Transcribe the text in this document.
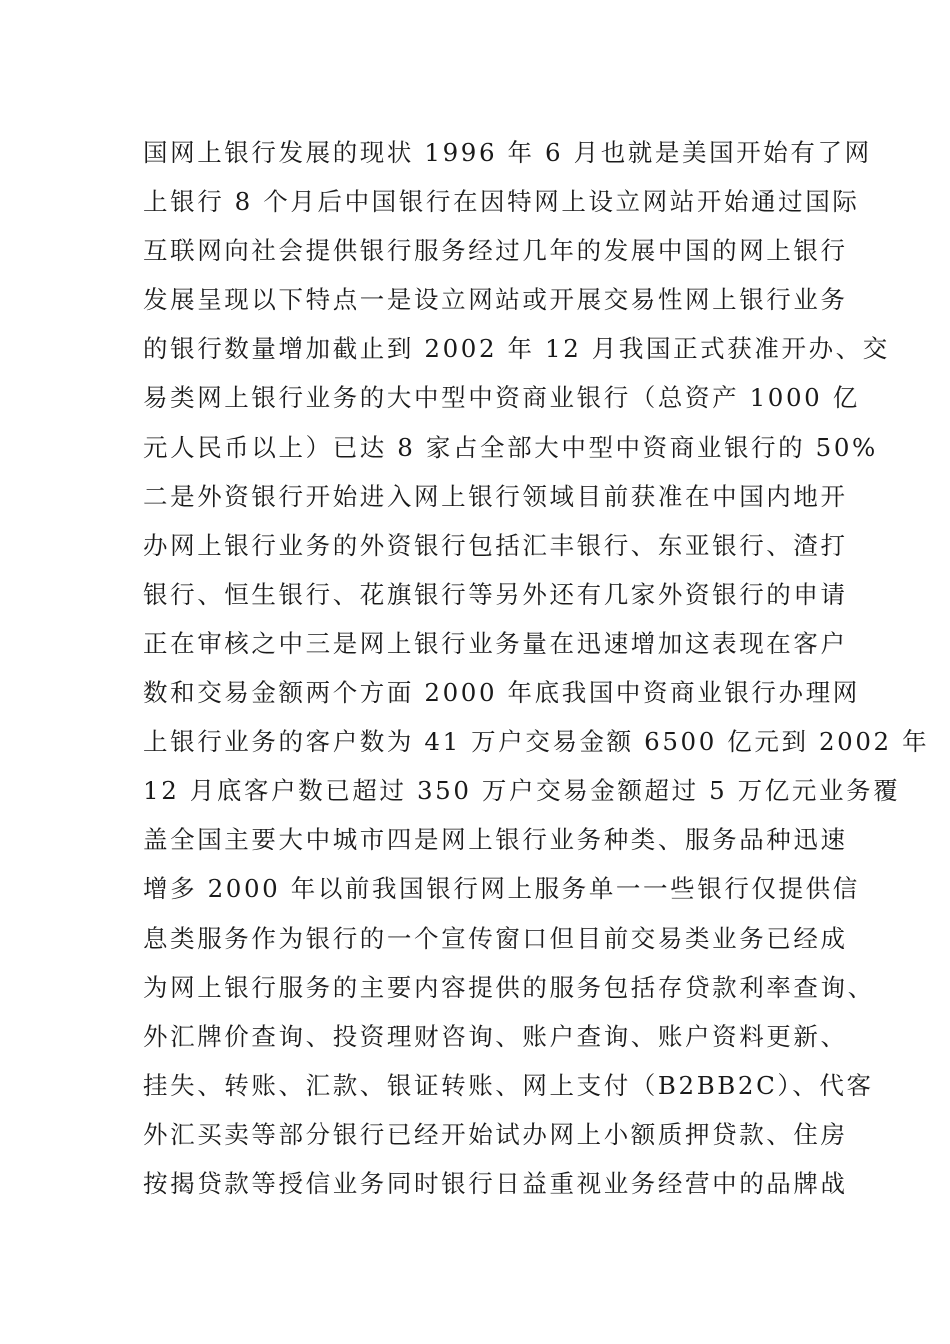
国网上银行发展的现状 1996 年 6 月也就是美国开始有了网
上银行 8 个月后中国银行在因特网上设立网站开始通过国际
互联网向社会提供银行服务经过几年的发展中国的网上银行
发展呈现以下特点一是设立网站或开展交易性网上银行业务
的银行数量增加截止到 2002 年 12 月我国正式获准开办、交
易类网上银行业务的大中型中资商业银行（总资产 1000 亿
元人民币以上）已达 8 家占全部大中型中资商业银行的 50%
二是外资银行开始进入网上银行领域目前获准在中国内地开
办网上银行业务的外资银行包括汇丰银行、东亚银行、渣打
银行、恒生银行、花旗银行等另外还有几家外资银行的申请
正在审核之中三是网上银行业务量在迅速增加这表现在客户
数和交易金额两个方面 2000 年底我国中资商业银行办理网
上银行业务的客户数为 41 万户交易金额 6500 亿元到 2002 年
12 月底客户数已超过 350 万户交易金额超过 5 万亿元业务覆
盖全国主要大中城市四是网上银行业务种类、服务品种迅速
增多 2000 年以前我国银行网上服务单一一些银行仅提供信
息类服务作为银行的一个宣传窗口但目前交易类业务已经成
为网上银行服务的主要内容提供的服务包括存贷款利率查询、
外汇牌价查询、投资理财咨询、账户查询、账户资料更新、
挂失、转账、汇款、银证转账、网上支付（B2BB2C）、代客
外汇买卖等部分银行已经开始试办网上小额质押贷款、住房
按揭贷款等授信业务同时银行日益重视业务经营中的品牌战
